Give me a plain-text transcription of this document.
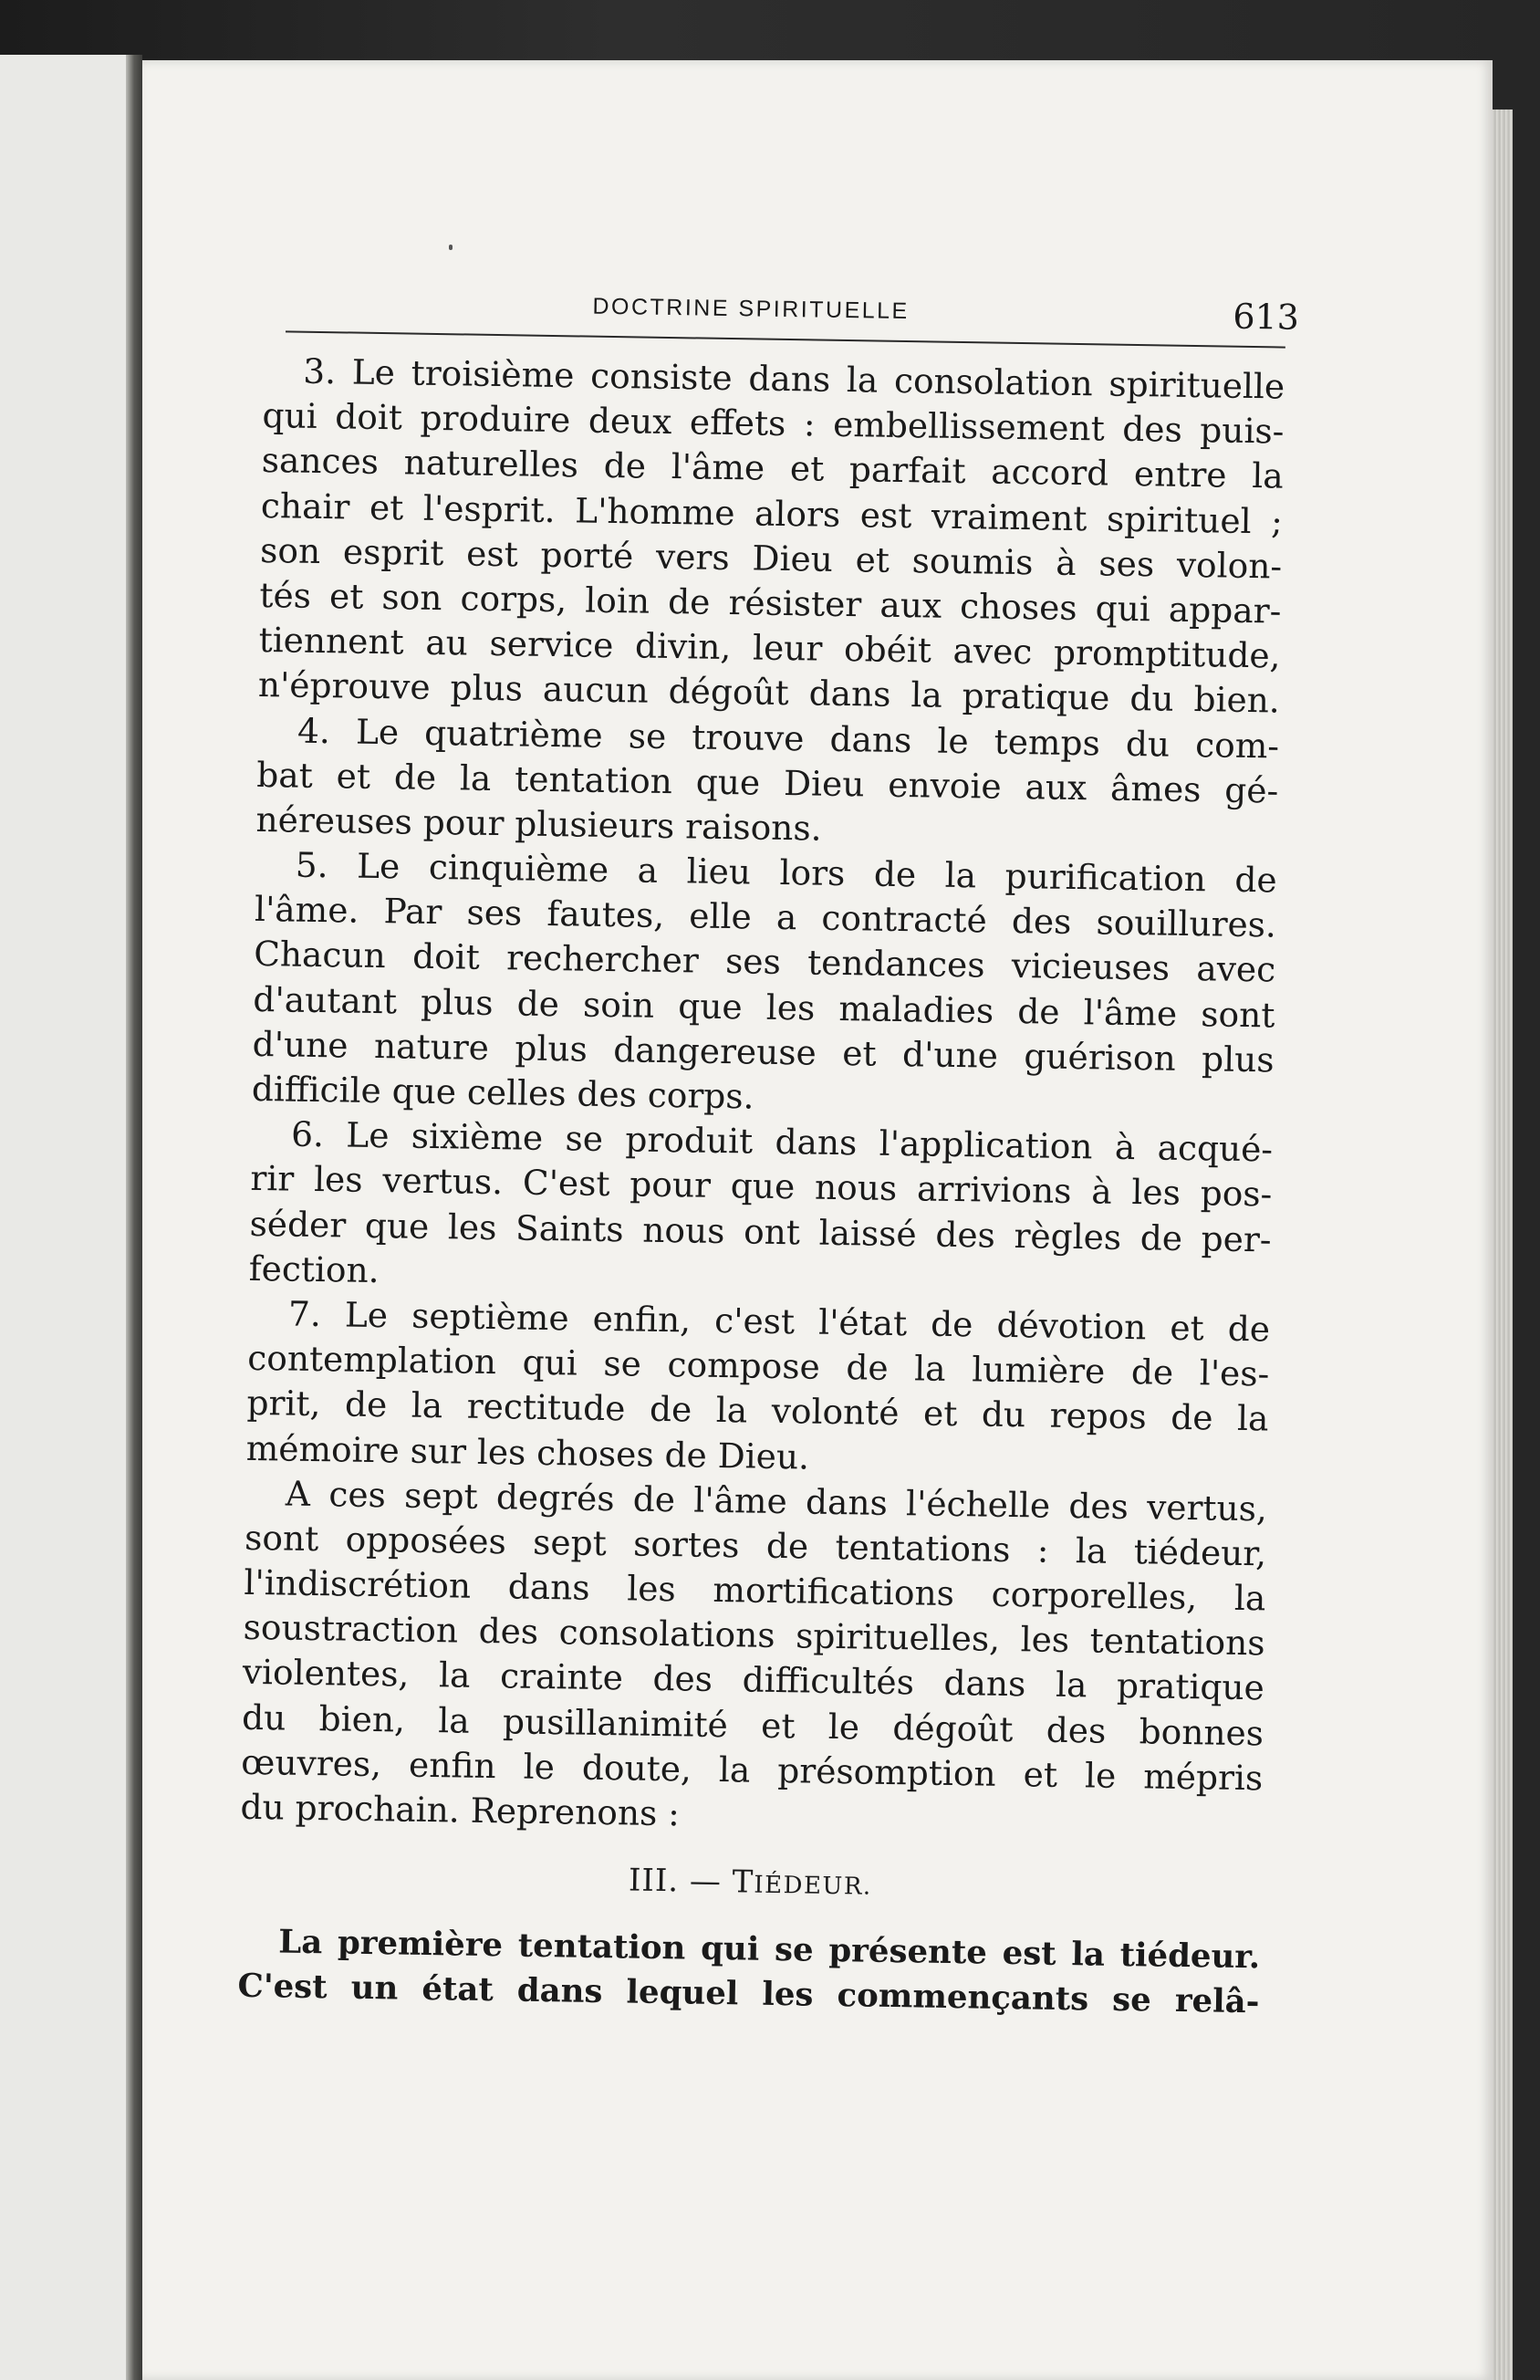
DOCTRINE SPIRITUELLE	613
3. Le troisième consiste dans la consolation spirituelle
qui doit produire deux effets : embellissement des puis-
sances naturelles de l'âme et parfait accord entre la
chair et l'esprit. L'homme alors est vraiment spirituel ;
son esprit est porté vers Dieu et soumis à ses volon-
tés et son corps, loin de résister aux choses qui appar-
tiennent au service divin, leur obéit avec promptitude,
n'éprouve plus aucun dégoût dans la pratique du bien.
4. Le quatrième se trouve dans le temps du com-
bat et de la tentation que Dieu envoie aux âmes gé-
néreuses pour plusieurs raisons.
5. Le cinquième a lieu lors de la purification de
l'âme. Par ses fautes, elle a contracté des souillures.
Chacun doit rechercher ses tendances vicieuses avec
d'autant plus de soin que les maladies de l'âme sont
d'une nature plus dangereuse et d'une guérison plus
difficile que celles des corps.
6. Le sixième se produit dans l'application à acqué-
rir les vertus. C'est pour que nous arrivions à les pos-
séder que les Saints nous ont laissé des règles de per-
fection.
7. Le septième enfin, c'est l'état de dévotion et de
contemplation qui se compose de la lumière de l'es-
prit, de la rectitude de la volonté et du repos de la
mémoire sur les choses de Dieu.
A ces sept degrés de l'âme dans l'échelle des vertus,
sont opposées sept sortes de tentations : la tiédeur,
l'indiscrétion dans les mortifications corporelles, la
soustraction des consolations spirituelles, les tentations
violentes, la crainte des difficultés dans la pratique
du bien, la pusillanimité et le dégoût des bonnes
œuvres, enfin le doute, la présomption et le mépris
du prochain. Reprenons :
III. — TIÉDEUR.
La première tentation qui se présente est la tiédeur.
C'est un état dans lequel les commençants se relâ-
